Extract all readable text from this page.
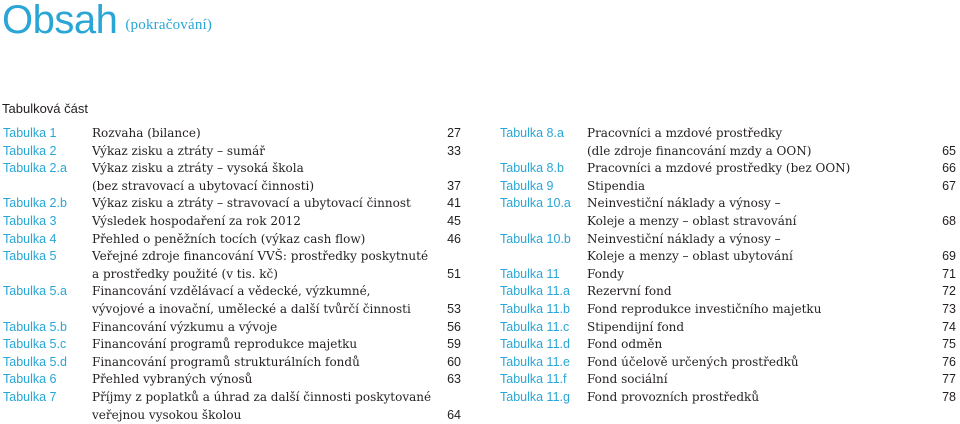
Obsah (pokračování)
Tabulková část
Tabulka 1	Rozvaha (bilance)	27
Tabulka 2	Výkaz zisku a ztráty – sumář	33
Tabulka 2.a Výkaz zisku a ztráty – vysoká škola
(bez stravovací a ubytovací činnosti)	37
Tabulka 2.b Výkaz zisku a ztráty – stravovací a ubytovací činnost	41
Tabulka 3	Výsledek hospodaření za rok 2012	45
Tabulka 4	Přehled o peněžních tocích (výkaz cash flow)	46
Tabulka 5	Veřejné zdroje financování VVŠ: prostředky poskytnuté
a prostředky použité (v tis. kč)	51
Tabulka 5.a Financování vzdělávací a vědecké, výzkumné,
vývojové a inovační, umělecké a další tvůrčí činnosti	53
Tabulka 5.b Financování výzkumu a vývoje	56
Tabulka 5.c Financování programů reprodukce majetku	59
Tabulka 5.d Financování programů strukturálních fondů	60
Tabulka 6	Přehled vybraných výnosů	63
Tabulka 7	Příjmy z poplatků a úhrad za další činnosti poskytované
veřejnou vysokou školou	64
Tabulka 8.a Pracovníci a mzdové prostředky
(dle zdroje financování mzdy a OON)	65
Tabulka 8.b Pracovníci a mzdové prostředky (bez OON)	66
Tabulka 9	Stipendia	67
Tabulka 10.a Neinvestiční náklady a výnosy –
Koleje a menzy – oblast stravování	68
Tabulka 10.b Neinvestiční náklady a výnosy –
Koleje a menzy – oblast ubytování	69
Tabulka 11 Fondy	71
Tabulka 11.a Rezervní fond	72
Tabulka 11.b Fond reprodukce investičního majetku	73
Tabulka 11.c Stipendijní fond	74
Tabulka 11.d Fond odměn	75
Tabulka 11.e Fond účelově určených prostředků	76
Tabulka 11.f Fond sociální	77
Tabulka 11.g Fond provozních prostředků	78
